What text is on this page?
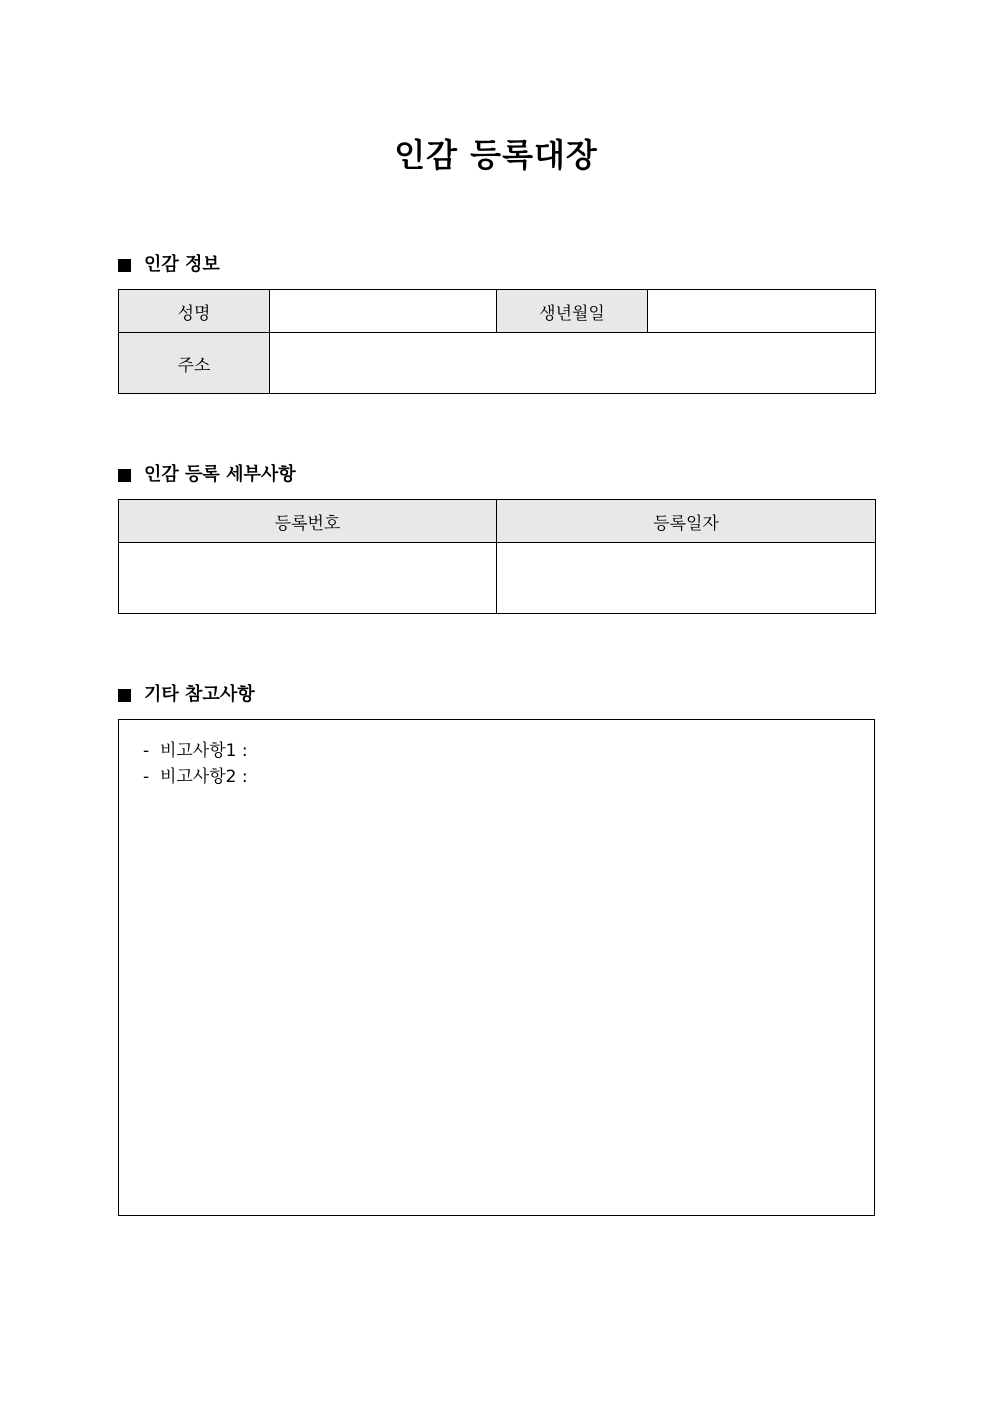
인감 등록대장
인감 정보
성명		생년월일	
주소			
인감 등록 세부사항
등록번호	등록일자

기타 참고사항
-  비고사항1 :
-  비고사항2 :
